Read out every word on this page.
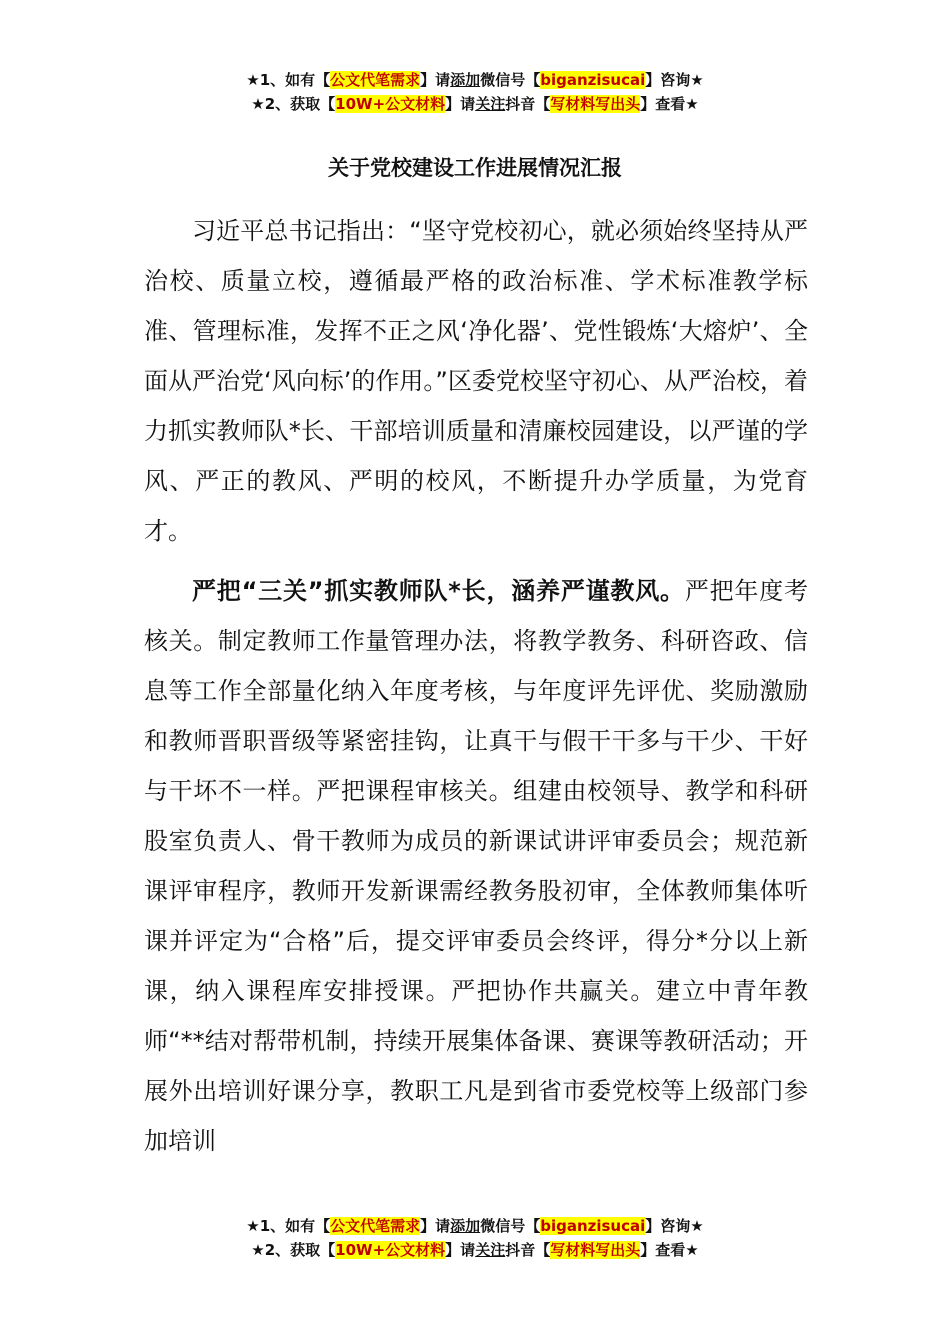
★1、如有【公文代笔需求】请添加微信号【biganzisucai】咨询★
★2、获取【10W+公文材料】请关注抖音【写材料写出头】查看★
关于党校建设工作进展情况汇报

习近平总书记指出：“坚守党校初心，就必须始终坚持从严治校、质量立校，遵循最严格的政治标准、学术标准教学标准、管理标准，发挥不正之风‘净化器’、党性锻炼‘大熔炉’、全面从严治党‘风向标’的作用。”区委党校坚守初心、从严治校，着力抓实教师队*长、干部培训质量和清廉校园建设，以严谨的学风、严正的教风、严明的校风，不断提升办学质量，为党育才。

严把“三关”抓实教师队*长，涵养严谨教风。严把年度考核关。制定教师工作量管理办法，将教学教务、科研咨政、信息等工作全部量化纳入年度考核，与年度评先评优、奖励激励和教师晋职晋级等紧密挂钩，让真干与假干干多与干少、干好与干坏不一样。严把课程审核关。组建由校领导、教学和科研股室负责人、骨干教师为成员的新课试讲评审委员会；规范新课评审程序，教师开发新课需经教务股初审，全体教师集体听课并评定为“合格”后，提交评审委员会终评，得分*分以上新课，纳入课程库安排授课。严把协作共赢关。建立中青年教师“**结对帮带机制，持续开展集体备课、赛课等教研活动；开展外出培训好课分享，教职工凡是到省市委党校等上级部门参加培训

★1、如有【公文代笔需求】请添加微信号【biganzisucai】咨询★
★2、获取【10W+公文材料】请关注抖音【写材料写出头】查看★
